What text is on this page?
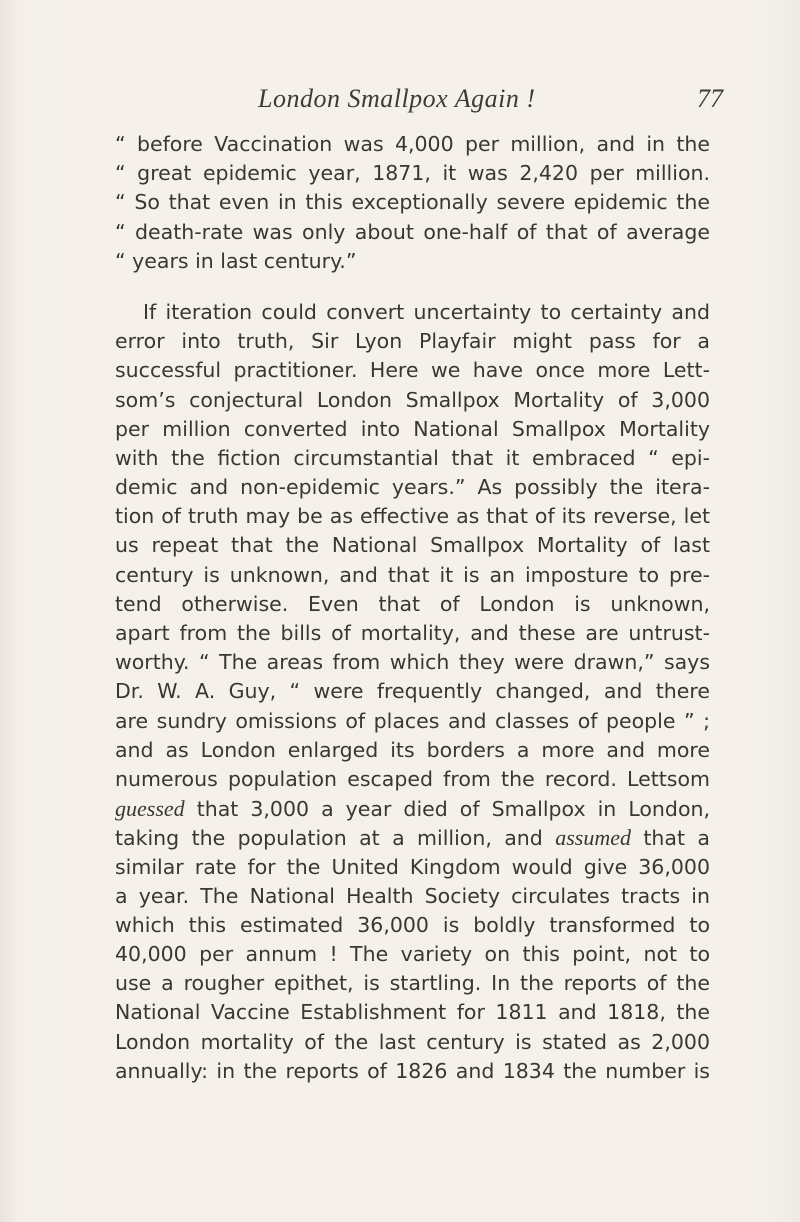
London Smallpox Again !	77
“ before Vaccination was 4,000 per million, and in the
“ great epidemic year, 1871, it was 2,420 per million.
“ So that even in this exceptionally severe epidemic the
“ death-rate was only about one-half of that of average
“ years in last century.”
If iteration could convert uncertainty to certainty and
error into truth, Sir Lyon Playfair might pass for a
successful practitioner. Here we have once more Lett-
som’s conjectural London Smallpox Mortality of 3,000
per million converted into National Smallpox Mortality
with the fiction circumstantial that it embraced “ epi-
demic and non-epidemic years.” As possibly the itera-
tion of truth may be as effective as that of its reverse, let
us repeat that the National Smallpox Mortality of last
century is unknown, and that it is an imposture to pre-
tend otherwise. Even that of London is unknown,
apart from the bills of mortality, and these are untrust-
worthy. “ The areas from which they were drawn,” says
Dr. W. A. Guy, “ were frequently changed, and there
are sundry omissions of places and classes of people ” ;
and as London enlarged its borders a more and more
numerous population escaped from the record. Lettsom
guessed that 3,000 a year died of Smallpox in London,
taking the population at a million, and assumed that a
similar rate for the United Kingdom would give 36,000
a year. The National Health Society circulates tracts in
which this estimated 36,000 is boldly transformed to
40,000 per annum ! The variety on this point, not to
use a rougher epithet, is startling. In the reports of the
National Vaccine Establishment for 1811 and 1818, the
London mortality of the last century is stated as 2,000
annually: in the reports of 1826 and 1834 the number is
